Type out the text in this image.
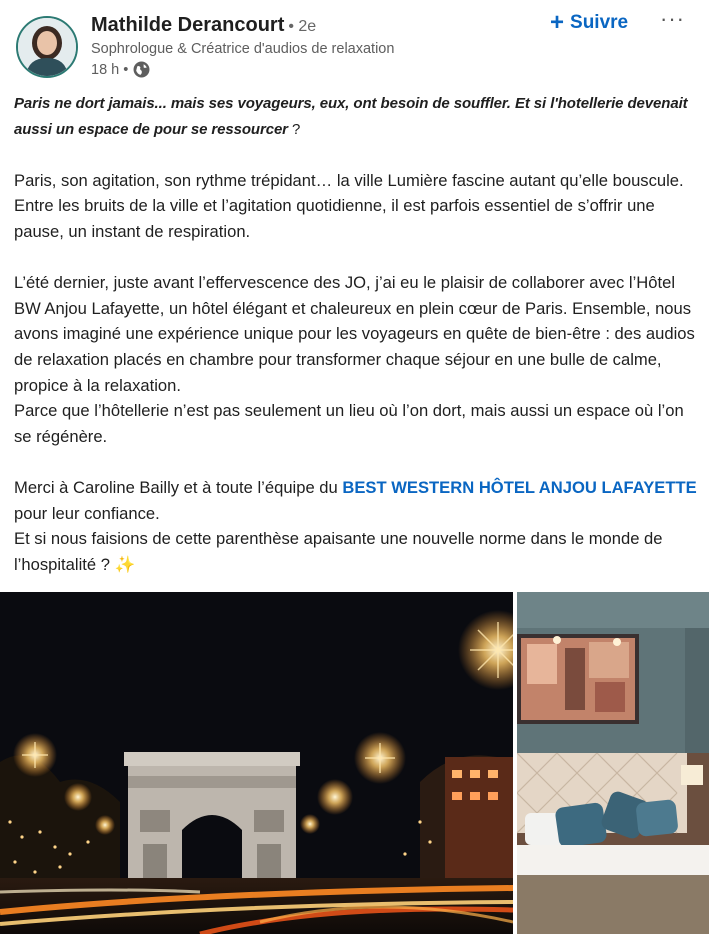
Mathilde Derancourt • 2e
Sophrologue & Créatrice d'audios de relaxation
18 h •
+ Suivre ···

Paris ne dort jamais... mais ses voyageurs, eux, ont besoin de souffler. Et si l'hotellerie devenait aussi un espace de pour se ressourcer ?

Paris, son agitation, son rythme trépidant… la ville Lumière fascine autant qu’elle bouscule. Entre les bruits de la ville et l’agitation quotidienne, il est parfois essentiel de s’offrir une pause, un instant de respiration.

L’été dernier, juste avant l’effervescence des JO, j’ai eu le plaisir de collaborer avec l’Hôtel BW Anjou Lafayette, un hôtel élégant et chaleureux en plein cœur de Paris. Ensemble, nous avons imaginé une expérience unique pour les voyageurs en quête de bien-être : des audios de relaxation placés en chambre pour transformer chaque séjour en une bulle de calme, propice à la relaxation.

Parce que l’hôtellerie n’est pas seulement un lieu où l’on dort, mais aussi un espace où l’on se régénère.

Merci à Caroline Bailly et à toute l’équipe du BEST WESTERN HÔTEL ANJOU LAFAYETTE pour leur confiance.

Et si nous faisions de cette parenthèse apaisante une nouvelle norme dans le monde de l’hospitalité ? ✨
